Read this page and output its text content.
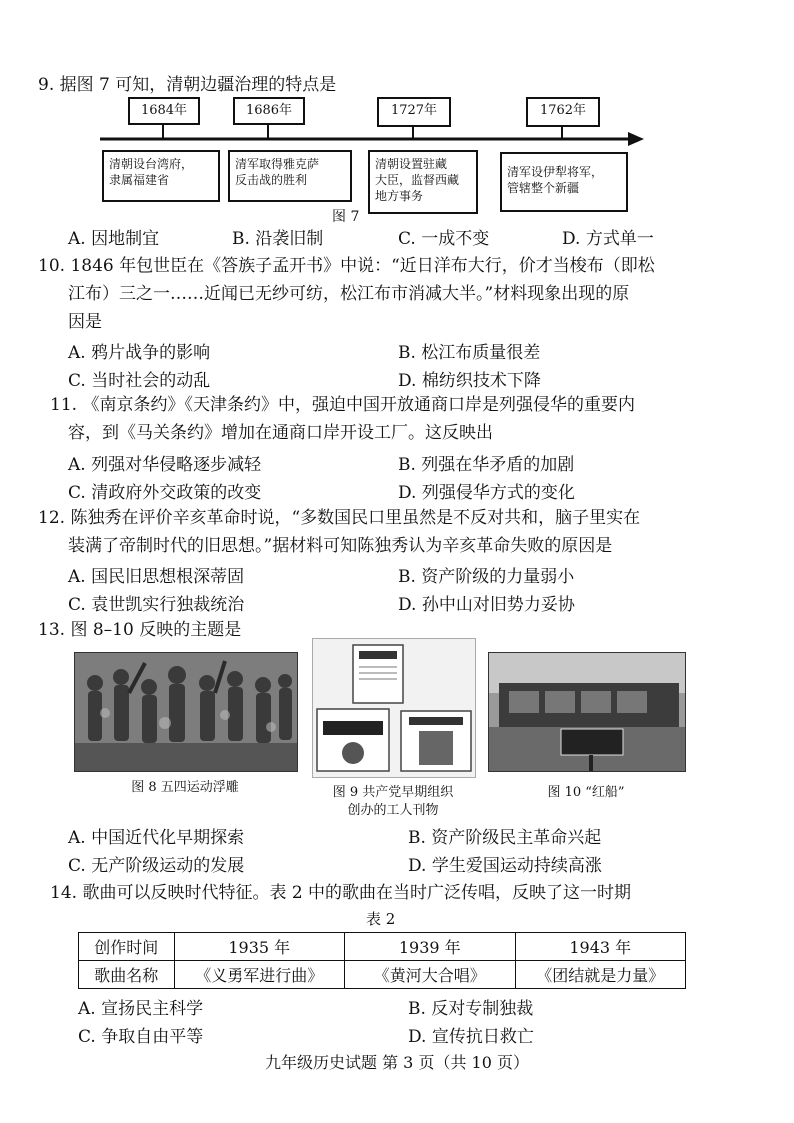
9. 据图 7 可知，清朝边疆治理的特点是
1684年	1686年	1727年	1762年
清朝设台湾府，
隶属福建省
清军取得雅克萨
反击战的胜利
清朝设置驻藏
大臣，监督西藏
地方事务
清军设伊犁将军，
管辖整个新疆
图 7
A. 因地制宜	B. 沿袭旧制	C. 一成不变	D. 方式单一
10. 1846 年包世臣在《答族子孟开书》中说：“近日洋布大行，价才当梭布（即松
江布）三之一……近闻已无纱可纺，松江布市消减大半。”材料现象出现的原
因是
A. 鸦片战争的影响	B. 松江布质量很差
C. 当时社会的动乱	D. 棉纺织技术下降
11. 《南京条约》《天津条约》中，强迫中国开放通商口岸是列强侵华的重要内
容，到《马关条约》增加在通商口岸开设工厂。这反映出
A. 列强对华侵略逐步减轻	B. 列强在华矛盾的加剧
C. 清政府外交政策的改变	D. 列强侵华方式的变化
12. 陈独秀在评价辛亥革命时说，“多数国民口里虽然是不反对共和，脑子里实在
装满了帝制时代的旧思想。”据材料可知陈独秀认为辛亥革命失败的原因是
A. 国民旧思想根深蒂固	B. 资产阶级的力量弱小
C. 袁世凯实行独裁统治	D. 孙中山对旧势力妥协
13. 图 8–10 反映的主题是
图 8 五四运动浮雕	图 9 共产党早期组织
创办的工人刊物
图 10 “红船”
A. 中国近代化早期探索	B. 资产阶级民主革命兴起
C. 无产阶级运动的发展	D. 学生爱国运动持续高涨
14. 歌曲可以反映时代特征。表 2 中的歌曲在当时广泛传唱，反映了这一时期
表 2
创作时间	1935 年	1939 年	1943 年
歌曲名称	《义勇军进行曲》	《黄河大合唱》	《团结就是力量》
A. 宣扬民主科学	B. 反对专制独裁
C. 争取自由平等	D. 宣传抗日救亡
九年级历史试题 第 3 页（共 10 页）
